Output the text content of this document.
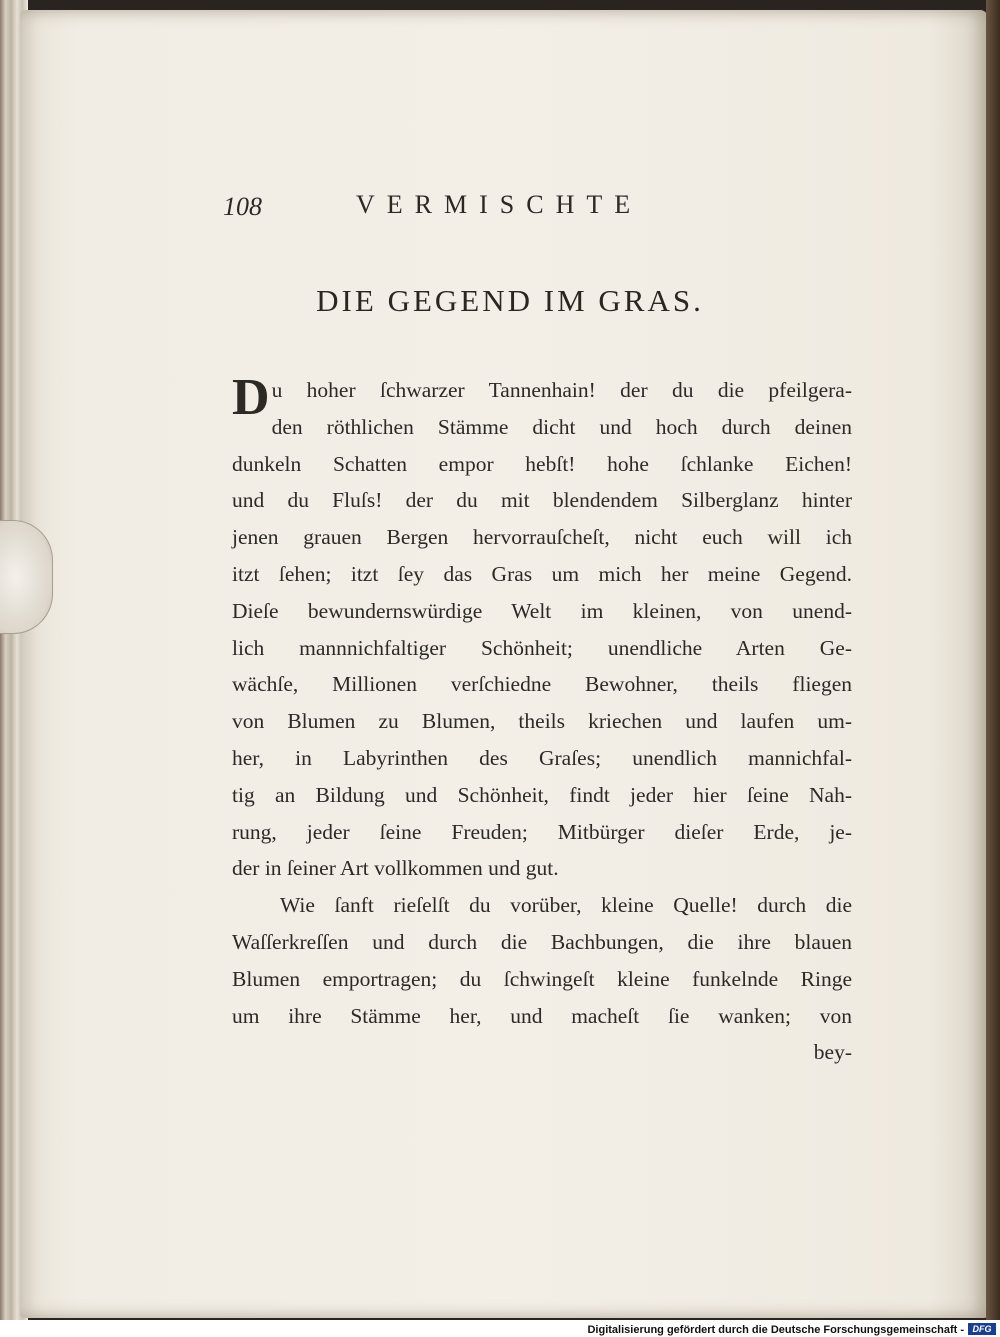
108	VERMISCHTE
DIE GEGEND IM GRAS.
Du hoher ſchwarzer Tannenhain! der du die pfeilgera-
den röthlichen Stämme dicht und hoch durch deinen
dunkeln Schatten empor hebſt! hohe ſchlanke Eichen!
und du Fluſs! der du mit blendendem Silberglanz hinter
jenen grauen Bergen hervorrauſcheſt, nicht euch will ich
itzt ſehen; itzt ſey das Gras um mich her meine Gegend.
Dieſe bewundernswürdige Welt im kleinen, von unend-
lich mannnichfaltiger Schönheit; unendliche Arten Ge-
wächſe, Millionen verſchiedne Bewohner, theils fliegen
von Blumen zu Blumen, theils kriechen und laufen um-
her, in Labyrinthen des Graſes; unendlich mannichfal-
tig an Bildung und Schönheit, findt jeder hier ſeine Nah-
rung, jeder ſeine Freuden; Mitbürger dieſer Erde, je-
der in ſeiner Art vollkommen und gut.
Wie ſanft rieſelſt du vorüber, kleine Quelle! durch die
Waſſerkreſſen und durch die Bachbungen, die ihre blauen
Blumen emportragen; du ſchwingeſt kleine funkelnde Ringe
um ihre Stämme her, und macheſt ſie wanken; von
bey-
Digitalisierung gefördert durch die Deutsche Forschungsgemeinschaft - DFG
